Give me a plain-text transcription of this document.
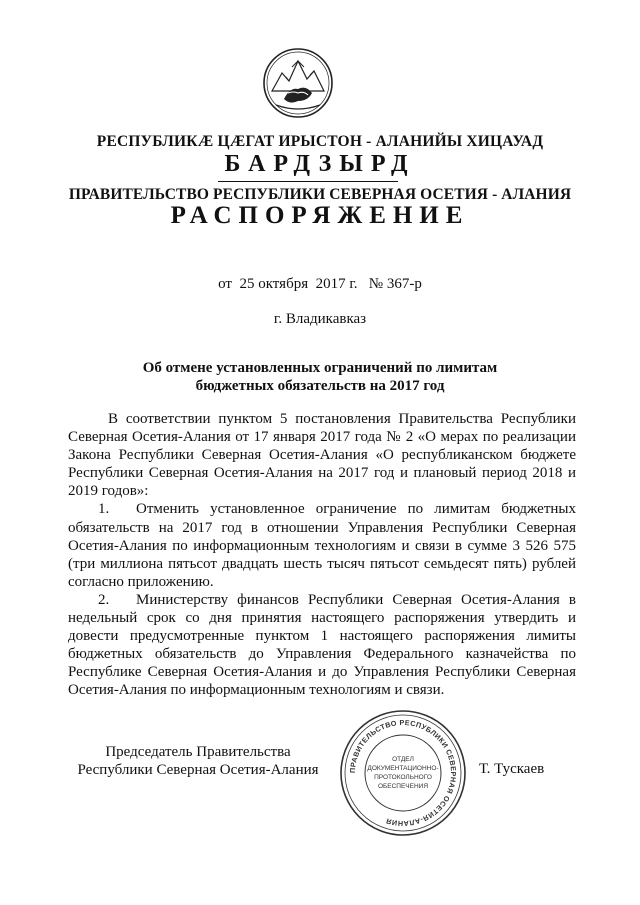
РЕСПУБЛИКӔ ЦӔГАТ ИРЫСТОН - АЛАНИЙЫ ХИЦАУАД
БАРДЗЫРД
ПРАВИТЕЛЬСТВО РЕСПУБЛИКИ СЕВЕРНАЯ ОСЕТИЯ - АЛАНИЯ
РАСПОРЯЖЕНИЕ
от  25 октября  2017 г.   № 367-р
г. Владикавказ
Об отмене установленных ограничений по лимитам
бюджетных обязательств на 2017 год

В соответствии пунктом 5 постановления Правительства Республики Северная Осетия-Алания от 17 января 2017 года № 2 «О мерах по реализации Закона Республики Северная Осетия-Алания «О республиканском бюджете Республики Северная Осетия-Алания на 2017 год и плановый период 2018 и 2019 годов»:

1. Отменить установленное ограничение по лимитам бюджетных обязательств на 2017 год в отношении Управления Республики Северная Осетия-Алания по информационным технологиям и связи в сумме 3 526 575 (три миллиона пятьсот двадцать шесть тысяч пятьсот семьдесят пять) рублей согласно приложению.

2. Министерству финансов Республики Северная Осетия-Алания в недельный срок со дня принятия настоящего распоряжения утвердить и довести предусмотренные пунктом 1 настоящего распоряжения лимиты бюджетных обязательств до Управления Федерального казначейства по Республике Северная Осетия-Алания и до Управления Республики Северная Осетия-Алания по информационным технологиям и связи.

Председатель Правительства
Республики Северная Осетия-Алания	ПРАВИТЕЛЬСТВО РЕСПУБЛИКИ СЕВЕРНАЯ ОСЕТИЯ-АЛАНИЯ
ОТДЕЛ
ДОКУМЕНТАЦИОННО-
ПРОТОКОЛЬНОГО
ОБЕСПЕЧЕНИЯ
Т. Тускаев
